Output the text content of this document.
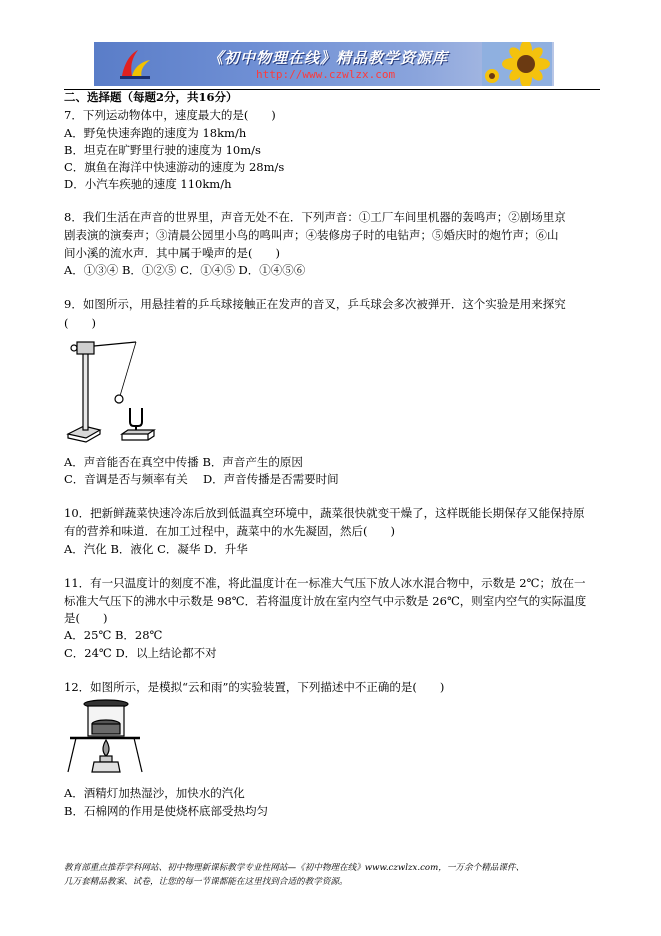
《初中物理在线》精品教学资源库
http://www.czwlzx.com
二、选择题（每题2分，共16分）
7．下列运动物体中，速度最大的是(　　)
A．野兔快速奔跑的速度为 18km/h
B．坦克在旷野里行驶的速度为 10m/s
C．旗鱼在海洋中快速游动的速度为 28m/s
D．小汽车疾驰的速度 110km/h
8．我们生活在声音的世界里，声音无处不在．下列声音：①工厂车间里机器的轰鸣声；②剧场里京
剧表演的演奏声；③清晨公园里小鸟的鸣叫声；④装修房子时的电钻声；⑤婚庆时的炮竹声；⑥山
间小溪的流水声．其中属于噪声的是(　　)
A．①③④ B．①②⑤ C．①④⑤ D．①④⑤⑥
9．如图所示，用悬挂着的乒乓球接触正在发声的音叉，乒乓球会多次被弹开．这个实验是用来探究
(　　)
A．声音能否在真空中传播 B．声音产生的原因
C．音调是否与频率有关　 D．声音传播是否需要时间
10．把新鲜蔬菜快速冷冻后放到低温真空环境中，蔬菜很快就变干燥了，这样既能长期保存又能保持原
有的营养和味道．在加工过程中，蔬菜中的水先凝固，然后(　　)
A．汽化 B．液化 C．凝华 D．升华
11．有一只温度计的刻度不准，将此温度计在一标准大气压下放人冰水混合物中，示数是 2℃；放在一
标准大气压下的沸水中示数是 98℃．若将温度计放在室内空气中示数是 26℃，则室内空气的实际温度
是(　　)
A．25℃ B．28℃
C．24℃ D．以上结论都不对
12．如图所示，是模拟“云和雨”的实验装置，下列描述中不正确的是(　　)
A．酒精灯加热湿沙，加快水的汽化
B．石棉网的作用是使烧杯底部受热均匀
教育部重点推荐学科网站、初中物理新课标教学专业性网站—《初中物理在线》www.czwlzx.com，一万余个精品课件、
几万套精品教案、试卷，让您的每一节课都能在这里找到合适的教学资源。
